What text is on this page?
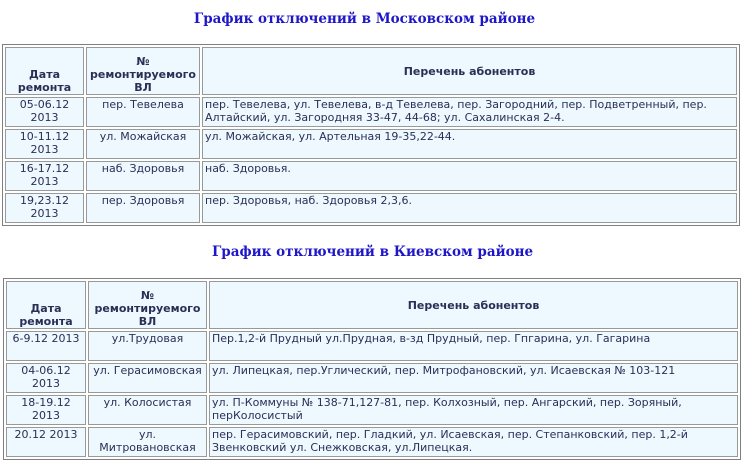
График отключений в Московском районе
Дата ремонта	№ ремонтируемого ВЛ	Перечень абонентов
05-06.12 2013	пер. Тевелева	пер. Тевелева, ул. Тевелева, в-д Тевелева, пер. Загородний, пер. Подветренный, пер. Алтайский, ул. Загородняя 33-47, 44-68; ул. Сахалинская 2-4.
10-11.12 2013	ул. Можайская	ул. Можайская, ул. Артельная 19-35,22-44.
16-17.12 2013	наб. Здоровья	наб. Здоровья.
19,23.12 2013	пер. Здоровья	пер. Здоровья, наб. Здоровья 2,3,6.
График отключений в Киевском районе
Дата ремонта	№ ремонтируемого ВЛ	Перечень абонентов
6-9.12 2013	ул.Трудовая	Пер.1,2-й Прудный ул.Прудная, в-зд Прудный, пер. Гпгарина, ул. Гагарина
04-06.12 2013	ул. Герасимовская	ул. Липецкая, пер.Углический, пер. Митрофановский, ул. Исаевская № 103-121
18-19.12 2013	ул. Колосистая	ул. П-Коммуны № 138-71,127-81, пер. Колхозный, пер. Ангарский, пер. Зоряный, перКолосистый
20.12 2013	ул. Митровановская	пер. Герасимовский, пер. Гладкий, ул. Исаевская, пер. Степанковский, пер. 1,2-й Звенковский ул. Снежковская, ул.Липецкая.
